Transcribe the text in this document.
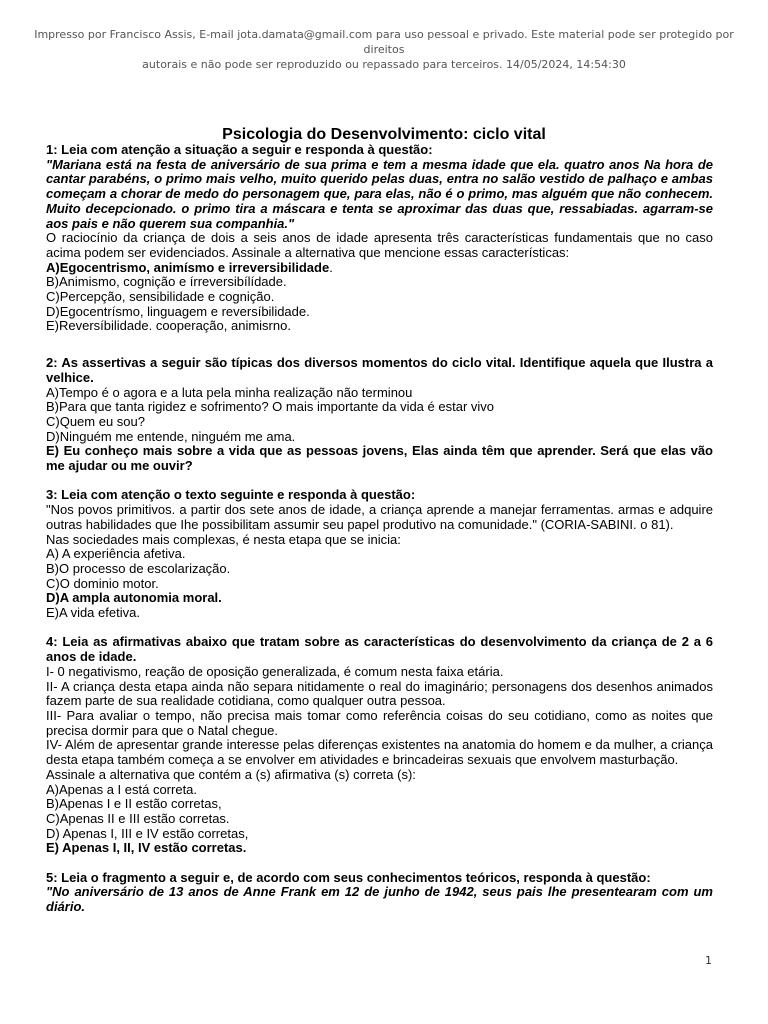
Impresso por Francisco Assis, E-mail jota.damata@gmail.com para uso pessoal e privado. Este material pode ser protegido por direitos
autorais e não pode ser reproduzido ou repassado para terceiros. 14/05/2024, 14:54:30
Psicologia do Desenvolvimento: ciclo vital

1: Leia com atenção a situação a seguir e responda à questão:

"Mariana está na festa de aniversário de sua prima e tem a mesma idade que ela. quatro anos Na hora de cantar parabéns, o primo mais velho, muito querido pelas duas, entra no salão vestido de palhaço e ambas começam a chorar de medo do personagem que, para elas, não é o primo, mas alguém que não conhecem. Muito decepcionado. o primo tira a máscara e tenta se aproximar das duas que, ressabiadas. agarram-se aos pais e não querem sua companhia."

O raciocínio da criança de dois a seis anos de idade apresenta três características fundamentais que no caso acima podem ser evidenciados. Assinale a alternativa que mencione essas características:

A)Egocentrismo, animísmo e irreversibilidade.

B)Animismo, cognição e írreversibílídade.

C)Percepção, sensibilidade e cognição.

D)Egocentrísmo, linguagem e reversíbilidade.

E)Reversíbilidade. cooperação, animisrno.

2: As assertivas a seguir são típicas dos diversos momentos do ciclo vital. Identifique aquela que Ilustra a velhice.

A)Tempo é o agora e a luta pela minha realização não terminou

B)Para que tanta rigidez e sofrimento? O mais importante da vida é estar vivo

C)Quem eu sou?

D)Ninguém me entende, ninguém me ama.

E) Eu conheço mais sobre a vida que as pessoas jovens, Elas ainda têm que aprender. Será que elas vão me ajudar ou me ouvir?

3: Leia com atenção o texto seguinte e responda à questão:

"Nos povos primitivos. a partir dos sete anos de idade, a criança aprende a manejar ferramentas. armas e adquire outras habilidades que Ihe possibilitam assumir seu papel produtivo na comunidade." (CORIA-SABINI. o 81).

Nas sociedades mais complexas, é nesta etapa que se inicia:

A) A experiência afetiva.

B)O processo de escolarização.

C)O dominio motor.

D)A ampla autonomia moral.

E)A vida efetiva.

4: Leia as afirmativas abaixo que tratam sobre as características do desenvolvimento da criança de 2 a 6 anos de idade.

I- 0 negativismo, reação de oposição generalizada, é comum nesta faixa etária.

II- A criança desta etapa ainda não separa nitidamente o real do imaginário; personagens dos desenhos animados fazem parte de sua realidade cotidiana, como qualquer outra pessoa.

III- Para avaliar o tempo, não precisa mais tomar como referência coisas do seu cotidiano, como as noites que precisa dormir para que o Natal chegue.

IV- Além de apresentar grande interesse pelas diferenças existentes na anatomia do homem e da mulher, a criança desta etapa também começa a se envolver em atividades e brincadeiras sexuais que envolvem masturbação.

Assinale a alternativa que contém a (s) afirmativa (s) correta (s):

A)Apenas a I está correta.

B)Apenas I e II estão corretas,

C)Apenas II e III estão corretas.

D) Apenas I, III e IV estão corretas,

E) Apenas I, II, IV estão corretas.

5: Leia o fragmento a seguir e, de acordo com seus conhecimentos teóricos, responda à questão:

"No aniversário de 13 anos de Anne Frank em 12 de junho de 1942, seus pais lhe presentearam com um diário.

1
